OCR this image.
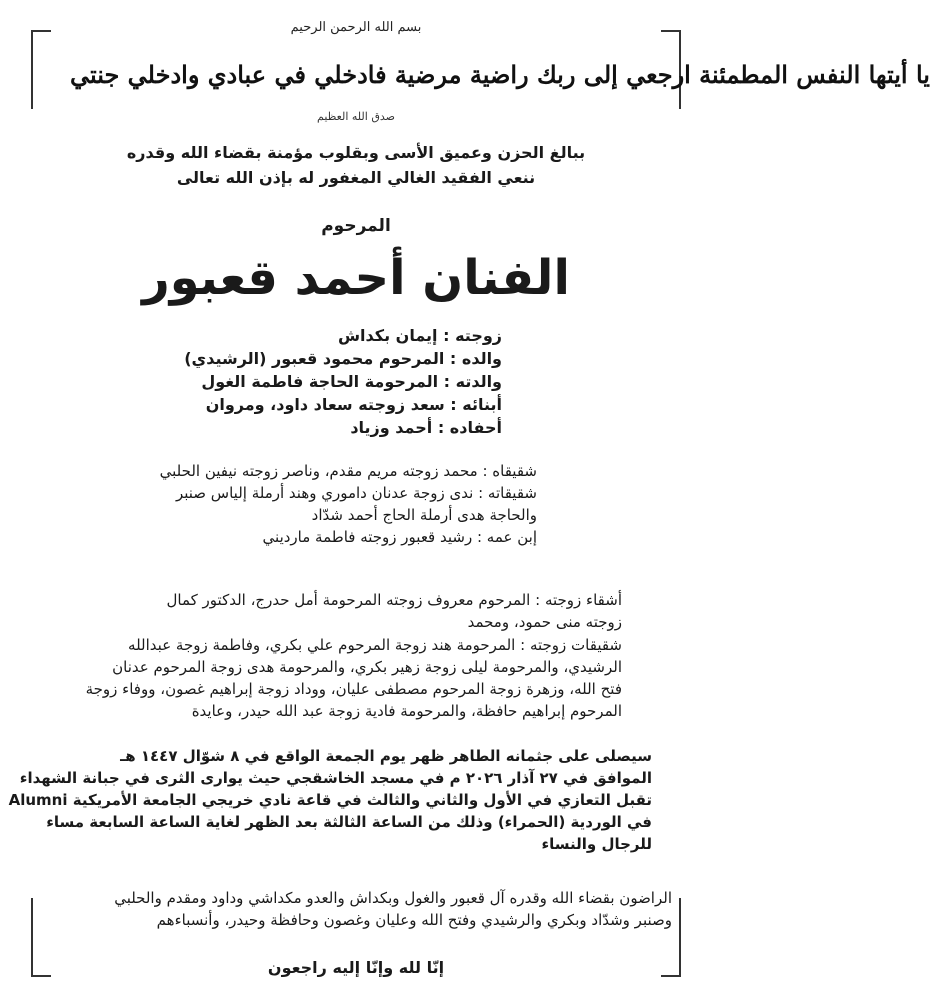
بسم الله الرحمن الرحيم
يا أيتها النفس المطمئنة ارجعي إلى ربك راضية مرضية فادخلي في عبادي وادخلي جنتي
صدق الله العظيم
ببالغ الحزن وعميق الأسى وبقلوب مؤمنة بقضاء الله وقدره
ننعي الفقيد الغالي المغفور له بإذن الله تعالى
المرحوم
الفنان أحمد قعبور
زوجته : إيمان بكداش
والده : المرحوم محمود قعبور (الرشيدي)
والدته : المرحومة الحاجة فاطمة الغول
أبنائه : سعد زوجته سعاد داود، ومروان
أحفاده : أحمد وزياد
شقيقاه : محمد زوجته مريم مقدم، وناصر زوجته نيفين الحلبي
شقيقاته : ندى زوجة عدنان داموري وهند أرملة إلياس صنبر
والحاجة هدى أرملة الحاج أحمد شدّاد
إبن عمه : رشيد قعبور زوجته فاطمة مارديني
أشقاء زوجته : المرحوم معروف زوجته المرحومة أمل حدرج، الدكتور كمال
زوجته منى حمود، ومحمد
شقيقات زوجته : المرحومة هند زوجة المرحوم علي بكري، وفاطمة زوجة عبدالله
الرشيدي، والمرحومة ليلى زوجة زهير بكري، والمرحومة هدى زوجة المرحوم عدنان
فتح الله، وزهرة زوجة المرحوم مصطفى عليان، ووداد زوجة إبراهيم غصون، ووفاء زوجة
المرحوم إبراهيم حافظة، والمرحومة فادية زوجة عبد الله حيدر، وعايدة
سيصلى على جثمانه الطاهر ظهر يوم الجمعة الواقع في ٨ شوّال ١٤٤٧ هـ
الموافق في ٢٧ آذار ٢٠٢٦ م في مسجد الخاشقجي حيث يوارى الثرى في جبانة الشهداء
تقبل التعازي في الأول والثاني والثالث في قاعة نادي خريجي الجامعة الأمريكية Alumni
في الوردية (الحمراء) وذلك من الساعة الثالثة بعد الظهر لغاية الساعة السابعة مساء
للرجال والنساء
الراضون بقضاء الله وقدره آل قعبور والغول وبكداش والعدو مكداشي وداود ومقدم والحلبي
وصنبر وشدّاد وبكري والرشيدي وفتح الله وعليان وغصون وحافظة وحيدر، وأنسباءهم
إنّا لله وإنّا إليه راجعون
